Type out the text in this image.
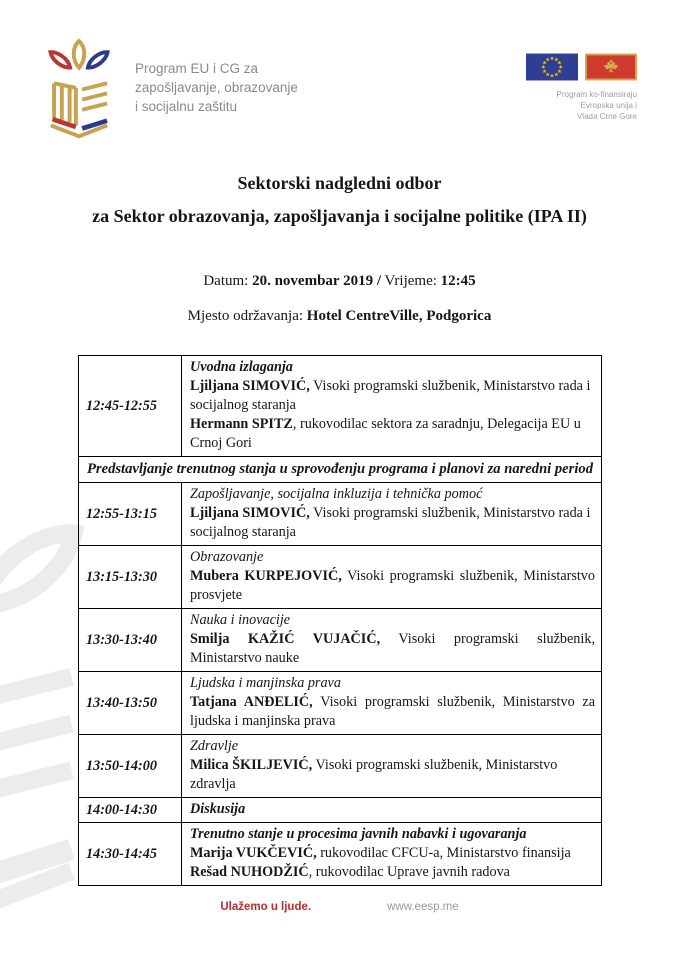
Program EU i CG za
zapošljavanje, obrazovanje
i socijalnu zaštitu
Program ko-finansiraju
Evropska unija i
Vlada Crne Gore
Sektorski nadgledni odbor
za Sektor obrazovanja, zapošljavanja i socijalne politike (IPA II)
Datum: 20. novembar 2019 / Vrijeme: 12:45
Mjesto održavanja: Hotel CentreVille, Podgorica
12:45-12:55	Uvodna izlaganja
Ljiljana SIMOVIĆ, Visoki programski službenik, Ministarstvo rada i socijalnog staranja
Hermann SPITZ, rukovodilac sektora za saradnju, Delegacija EU u Crnoj Gori

Predstavljanje trenutnog stanja u sprovođenju programa i planovi za naredni period	

12:55-13:15	Zapošljavanje, socijalna inkluzija i tehnička pomoć
Ljiljana SIMOVIĆ, Visoki programski službenik, Ministarstvo rada i socijalnog staranja

13:15-13:30	Obrazovanje
Mubera KURPEJOVIĆ, Visoki programski službenik, Ministarstvo prosvjete

13:30-13:40	Nauka i inovacije
Smilja KAŽIĆ VUJAČIĆ, Visoki programski službenik, Ministarstvo nauke

13:40-13:50	Ljudska i manjinska prava
Tatjana ANĐELIĆ, Visoki programski službenik, Ministarstvo za ljudska i manjinska prava

13:50-14:00	Zdravlje
Milica ŠKILJEVIĆ, Visoki programski službenik, Ministarstvo zdravlja

14:00-14:30	Diskusija

14:30-14:45	Trenutno stanje u procesima javnih nabavki i ugovaranja
Marija VUKČEVIĆ, rukovodilac CFCU-a, Ministarstvo finansija
Rešad NUHODŽIĆ, rukovodilac Uprave javnih radova
Ulažemo u ljude.	www.eesp.me
